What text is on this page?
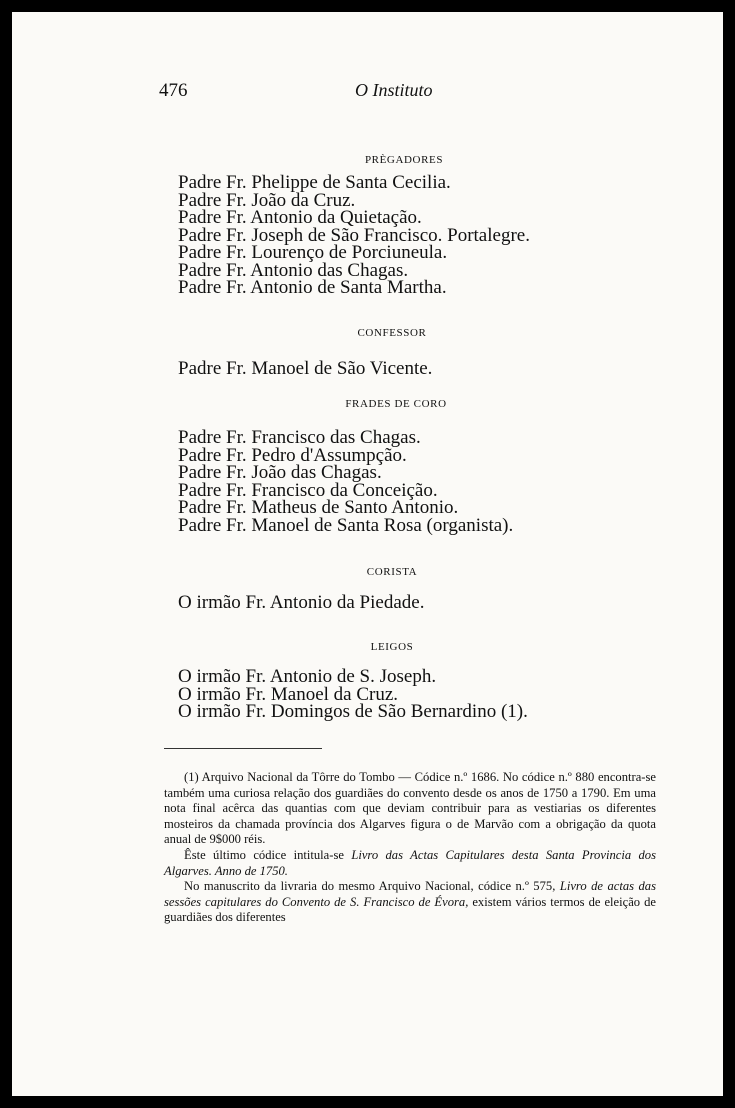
476	O Instituto
PRÈGADORES
Padre Fr. Phelippe de Santa Cecilia.
Padre Fr. João da Cruz.
Padre Fr. Antonio da Quietação.
Padre Fr. Joseph de São Francisco. Portalegre.
Padre Fr. Lourenço de Porciuneula.
Padre Fr. Antonio das Chagas.
Padre Fr. Antonio de Santa Martha.
CONFESSOR
Padre Fr. Manoel de São Vicente.
FRADES DE CORO
Padre Fr. Francisco das Chagas.
Padre Fr. Pedro d'Assumpção.
Padre Fr. João das Chagas.
Padre Fr. Francisco da Conceição.
Padre Fr. Matheus de Santo Antonio.
Padre Fr. Manoel de Santa Rosa (organista).
CORISTA
O irmão Fr. Antonio da Piedade.
LEIGOS
O irmão Fr. Antonio de S. Joseph.
O irmão Fr. Manoel da Cruz.
O irmão Fr. Domingos de São Bernardino (1).

(1) Arquivo Nacional da Tôrre do Tombo — Códice n.º 1686. No códice n.º 880 encontra-se também uma curiosa relação dos guardiães do convento desde os anos de 1750 a 1790. Em uma nota final acêrca das quantias com que deviam contribuir para as vestiarias os diferentes mosteiros da chamada província dos Algarves figura o de Marvão com a obrigação da quota anual de 9$000 réis.

Êste último códice intitula-se Livro das Actas Capitulares desta Santa Provincia dos Algarves. Anno de 1750.

No manuscrito da livraria do mesmo Arquivo Nacional, códice n.º 575, Livro de actas das sessões capitulares do Convento de S. Francisco de Évora, existem vários termos de eleição de guardiães dos diferentes
